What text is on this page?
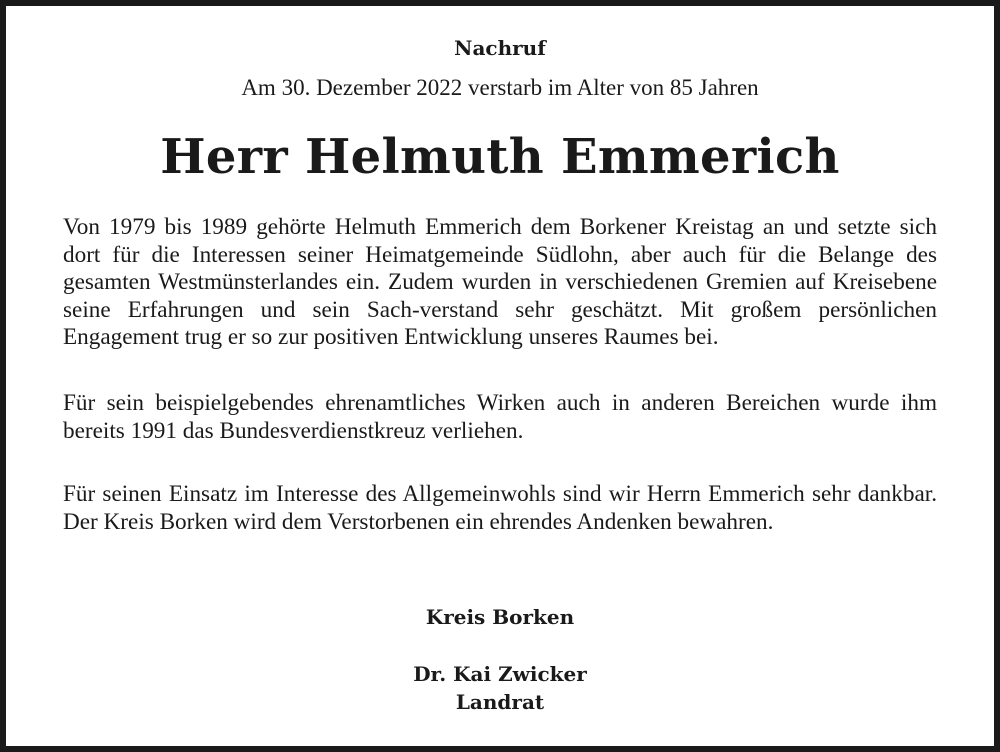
Nachruf
Am 30. Dezember 2022 verstarb im Alter von 85 Jahren
Herr Helmuth Emmerich

Von 1979 bis 1989 gehörte Helmuth Emmerich dem Borkener Kreistag an und setzte sich dort für die Interessen seiner Heimatgemeinde Südlohn, aber auch für die Belange des gesamten Westmünsterlandes ein. Zudem wurden in verschiedenen Gremien auf Kreisebene seine Erfahrungen und sein Sach-verstand sehr geschätzt. Mit großem persönlichen Engagement trug er so zur positiven Entwicklung unseres Raumes bei.

Für sein beispielgebendes ehrenamtliches Wirken auch in anderen Bereichen wurde ihm bereits 1991 das Bundesverdienstkreuz verliehen.

Für seinen Einsatz im Interesse des Allgemeinwohls sind wir Herrn Emmerich sehr dankbar. Der Kreis Borken wird dem Verstorbenen ein ehrendes Andenken bewahren.

Kreis Borken
Dr. Kai Zwicker
Landrat
